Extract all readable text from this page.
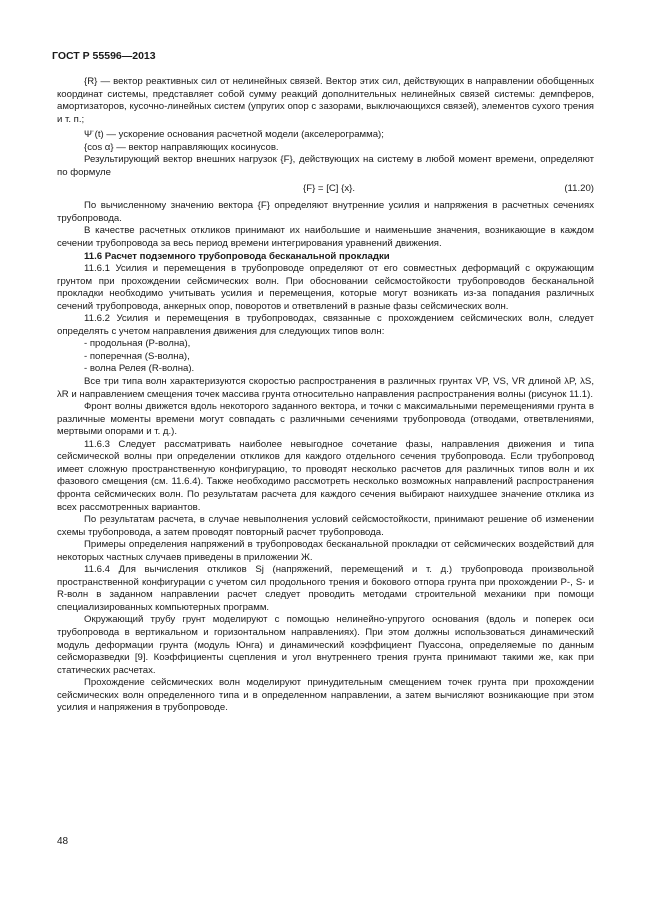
ГОСТ Р 55596—2013

{R} — вектор реактивных сил от нелинейных связей. Вектор этих сил, действующих в направлении обобщенных координат системы, представляет собой сумму реакций дополнительных нелинейных связей системы: демпферов, амортизаторов, кусочно-линейных систем (упругих опор с зазорами, выключающихся связей), элементов сухого трения и т. п.;

Ψ̈ (t) — ускорение основания расчетной модели (акселерограмма);

{cos α} — вектор направляющих косинусов.

Результирующий вектор внешних нагрузок {F}, действующих на систему в любой момент времени, определяют по формуле

{F} = [C] {x}.	(11.20)

По вычисленному значению вектора {F} определяют внутренние усилия и напряжения в расчетных сечениях трубопровода.

В качестве расчетных откликов принимают их наибольшие и наименьшие значения, возникающие в каждом сечении трубопровода за весь период времени интегрирования уравнений движения.

11.6 Расчет подземного трубопровода бесканальной прокладки

11.6.1 Усилия и перемещения в трубопроводе определяют от его совместных деформаций с окружающим грунтом при прохождении сейсмических волн. При обосновании сейсмостойкости трубопроводов бесканальной прокладки необходимо учитывать усилия и перемещения, которые могут возникать из-за попадания различных сечений трубопровода, анкерных опор, поворотов и ответвлений в разные фазы сейсмических волн.

11.6.2 Усилия и перемещения в трубопроводах, связанные с прохождением сейсмических волн, следует определять с учетом направления движения для следующих типов волн:

- продольная (P-волна),

- поперечная (S-волна),

- волна Релея (R-волна).

Все три типа волн характеризуются скоростью распространения в различных грунтах VP, VS, VR длиной λP, λS, λR и направлением смещения точек массива грунта относительно направления распространения волны (рисунок 11.1).

Фронт волны движется вдоль некоторого заданного вектора, и точки с максимальными перемещениями грунта в различные моменты времени могут совпадать с различными сечениями трубопровода (отводами, ответвлениями, мертвыми опорами и т. д.).

11.6.3 Следует рассматривать наиболее невыгодное сочетание фазы, направления движения и типа сейсмической волны при определении откликов для каждого отдельного сечения трубопровода. Если трубопровод имеет сложную пространственную конфигурацию, то проводят несколько расчетов для различных типов волн и их фазового смещения (см. 11.6.4). Также необходимо рассмотреть несколько возможных направлений распространения фронта сейсмических волн. По результатам расчета для каждого сечения выбирают наихудшее значение отклика из всех рассмотренных вариантов.

По результатам расчета, в случае невыполнения условий сейсмостойкости, принимают решение об изменении схемы трубопровода, а затем проводят повторный расчет трубопровода.

Примеры определения напряжений в трубопроводах бесканальной прокладки от сейсмических воздействий для некоторых частных случаев приведены в приложении Ж.

11.6.4 Для вычисления откликов Sj (напряжений, перемещений и т. д.) трубопровода произвольной пространственной конфигурации с учетом сил продольного трения и бокового отпора грунта при прохождении P-, S- и R-волн в заданном направлении расчет следует проводить методами строительной механики при помощи специализированных компьютерных программ.

Окружающий трубу грунт моделируют с помощью нелинейно-упругого основания (вдоль и поперек оси трубопровода в вертикальном и горизонтальном направлениях). При этом должны использоваться динамический модуль деформации грунта (модуль Юнга) и динамический коэффициент Пуассона, определяемые по данным сейсморазведки [9]. Коэффициенты сцепления и угол внутреннего трения грунта принимают такими же, как при статических расчетах.

Прохождение сейсмических волн моделируют принудительным смещением точек грунта при прохождении сейсмических волн определенного типа и в определенном направлении, а затем вычисляют возникающие при этом усилия и напряжения в трубопроводе.

48
